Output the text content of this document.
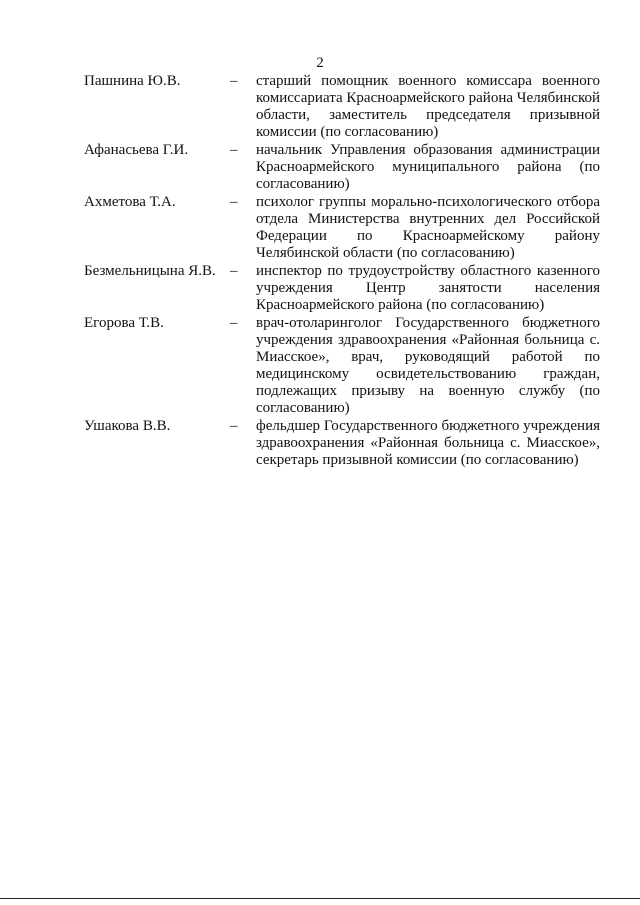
2
Пашнина Ю.В.	–	старший помощник военного комиссара военного комиссариата Красноармейского района Челябинской области, заместитель председателя призывной комиссии (по согласованию)
Афанасьева Г.И.	–	начальник Управления образования администрации Красноармейского муниципального района (по согласованию)
Ахметова Т.А.	–	психолог группы морально-психологического отбора отдела Министерства внутренних дел Российской Федерации по Красноармейскому району Челябинской области (по согласованию)
Безмельницына Я.В. –	инспектор по трудоустройству областного казенного учреждения Центр занятости населения Красноармейского района (по согласованию)
Егорова Т.В.	–	врач-отоларинголог Государственного бюджетного учреждения здравоохранения «Районная больница с. Миасское», врач, руководящий работой по медицинскому освидетельствованию граждан, подлежащих призыву на военную службу (по согласованию)
Ушакова В.В.	–	фельдшер Государственного бюджетного учреждения здравоохранения «Районная больница с. Миасское», секретарь призывной комиссии (по согласованию)
